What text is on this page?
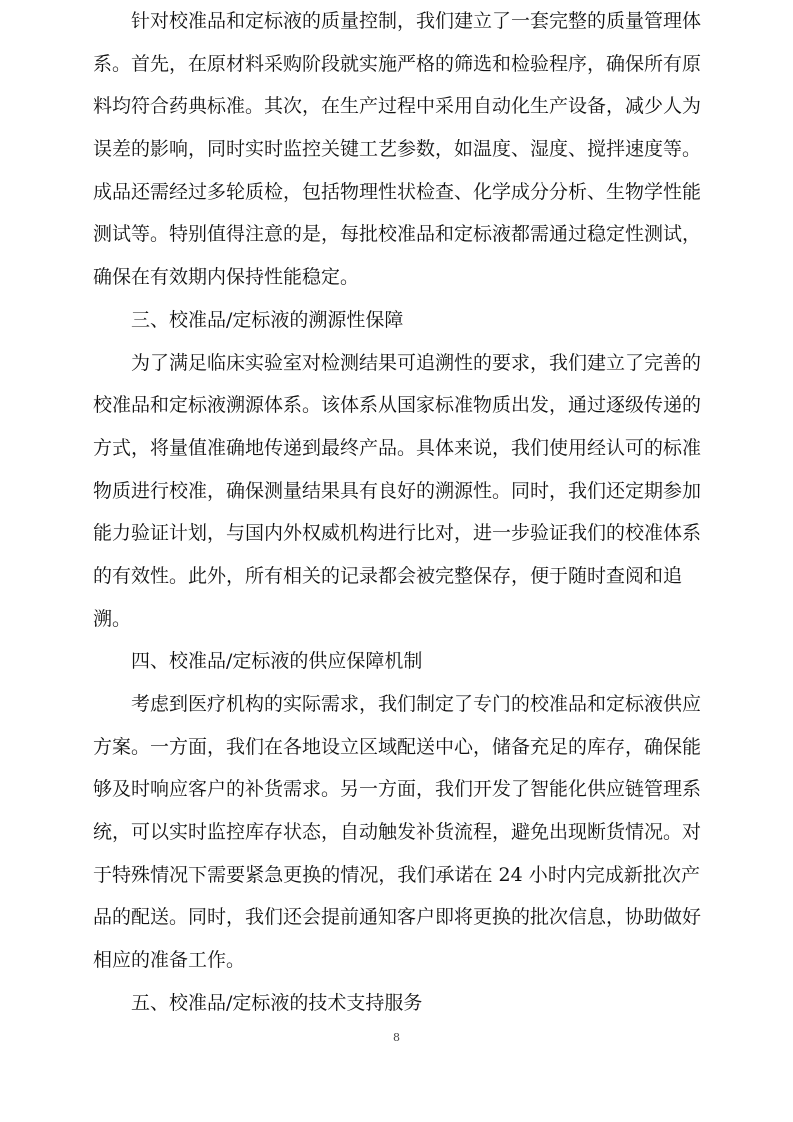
针对校准品和定标液的质量控制，我们建立了一套完整的质量管理体
系。首先，在原材料采购阶段就实施严格的筛选和检验程序，确保所有原
料均符合药典标准。其次，在生产过程中采用自动化生产设备，减少人为
误差的影响，同时实时监控关键工艺参数，如温度、湿度、搅拌速度等。
成品还需经过多轮质检，包括物理性状检查、化学成分分析、生物学性能
测试等。特别值得注意的是，每批校准品和定标液都需通过稳定性测试，
确保在有效期内保持性能稳定。
三、校准品/定标液的溯源性保障
为了满足临床实验室对检测结果可追溯性的要求，我们建立了完善的
校准品和定标液溯源体系。该体系从国家标准物质出发，通过逐级传递的
方式，将量值准确地传递到最终产品。具体来说，我们使用经认可的标准
物质进行校准，确保测量结果具有良好的溯源性。同时，我们还定期参加
能力验证计划，与国内外权威机构进行比对，进一步验证我们的校准体系
的有效性。此外，所有相关的记录都会被完整保存，便于随时查阅和追
溯。
四、校准品/定标液的供应保障机制
考虑到医疗机构的实际需求，我们制定了专门的校准品和定标液供应
方案。一方面，我们在各地设立区域配送中心，储备充足的库存，确保能
够及时响应客户的补货需求。另一方面，我们开发了智能化供应链管理系
统，可以实时监控库存状态，自动触发补货流程，避免出现断货情况。对
于特殊情况下需要紧急更换的情况，我们承诺在 24 小时内完成新批次产
品的配送。同时，我们还会提前通知客户即将更换的批次信息，协助做好
相应的准备工作。
五、校准品/定标液的技术支持服务
8
